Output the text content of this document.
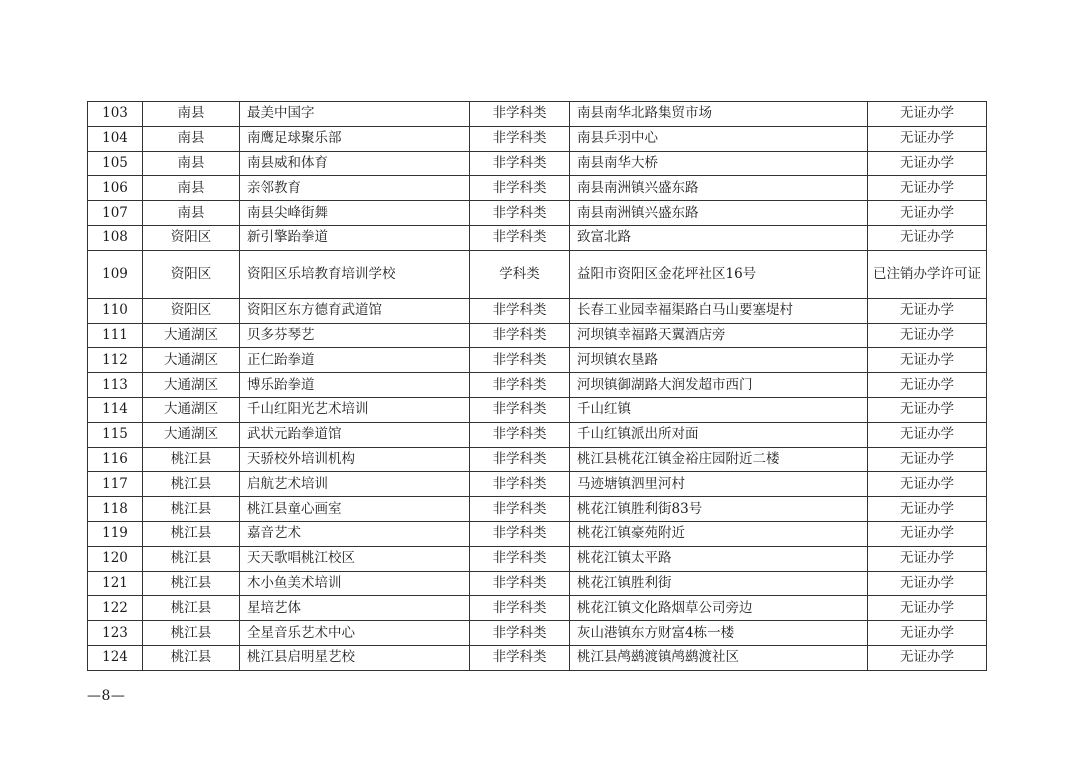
103	南县	最美中国字	非学科类	南县南华北路集贸市场	无证办学
104	南县	南鹰足球聚乐部	非学科类	南县乒羽中心	无证办学
105	南县	南县威和体育	非学科类	南县南华大桥	无证办学
106	南县	亲邻教育	非学科类	南县南洲镇兴盛东路	无证办学
107	南县	南县尖峰街舞	非学科类	南县南洲镇兴盛东路	无证办学
108	资阳区	新引擎跆拳道	非学科类	致富北路	无证办学
109	资阳区	资阳区乐培教育培训学校	学科类	益阳市资阳区金花坪社区16号	已注销办学许可证
110	资阳区	资阳区东方德育武道馆	非学科类	长春工业园幸福渠路白马山要塞堤村	无证办学
111	大通湖区	贝多芬琴艺	非学科类	河坝镇幸福路天翼酒店旁	无证办学
112	大通湖区	正仁跆拳道	非学科类	河坝镇农垦路	无证办学
113	大通湖区	博乐跆拳道	非学科类	河坝镇御湖路大润发超市西门	无证办学
114	大通湖区	千山红阳光艺术培训	非学科类	千山红镇	无证办学
115	大通湖区	武状元跆拳道馆	非学科类	千山红镇派出所对面	无证办学
116	桃江县	天骄校外培训机构	非学科类	桃江县桃花江镇金裕庄园附近二楼	无证办学
117	桃江县	启航艺术培训	非学科类	马迹塘镇泗里河村	无证办学
118	桃江县	桃江县童心画室	非学科类	桃花江镇胜利街83号	无证办学
119	桃江县	嘉音艺术	非学科类	桃花江镇豪苑附近	无证办学
120	桃江县	天天歌唱桃江校区	非学科类	桃花江镇太平路	无证办学
121	桃江县	木小鱼美术培训	非学科类	桃花江镇胜利街	无证办学
122	桃江县	星培艺体	非学科类	桃花江镇文化路烟草公司旁边	无证办学
123	桃江县	全星音乐艺术中心	非学科类	灰山港镇东方财富4栋一楼	无证办学
124	桃江县	桃江县启明星艺校	非学科类	桃江县鸬鹚渡镇鸬鹚渡社区	无证办学
—8—
